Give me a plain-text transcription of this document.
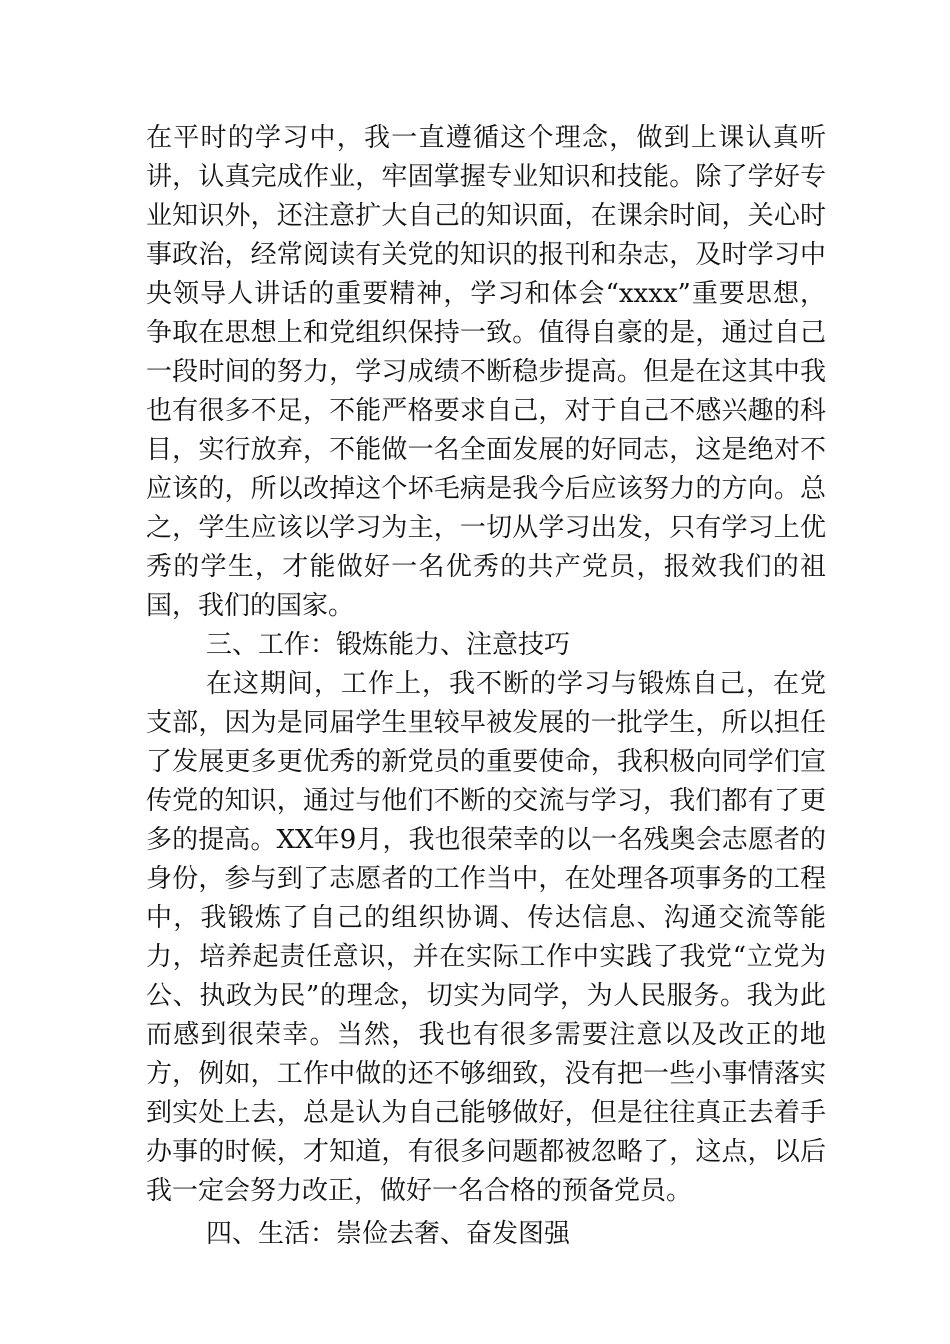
在平时的学习中，我一直遵循这个理念，做到上课认真听讲，认真完成作业，牢固掌握专业知识和技能。除了学好专业知识外，还注意扩大自己的知识面，在课余时间，关心时事政治，经常阅读有关党的知识的报刊和杂志，及时学习中央领导人讲话的重要精神，学习和体会“xxxx”重要思想，争取在思想上和党组织保持一致。值得自豪的是，通过自己一段时间的努力，学习成绩不断稳步提高。但是在这其中我也有很多不足，不能严格要求自己，对于自己不感兴趣的科目，实行放弃，不能做一名全面发展的好同志，这是绝对不应该的，所以改掉这个坏毛病是我今后应该努力的方向。总之，学生应该以学习为主，一切从学习出发，只有学习上优秀的学生，才能做好一名优秀的共产党员，报效我们的祖国，我们的国家。

三、工作：锻炼能力、注意技巧

在这期间，工作上，我不断的学习与锻炼自己，在党支部，因为是同届学生里较早被发展的一批学生，所以担任了发展更多更优秀的新党员的重要使命，我积极向同学们宣传党的知识，通过与他们不断的交流与学习，我们都有了更多的提高。XX年9月，我也很荣幸的以一名残奥会志愿者的身份，参与到了志愿者的工作当中，在处理各项事务的工程中，我锻炼了自己的组织协调、传达信息、沟通交流等能力，培养起责任意识，并在实际工作中实践了我党“立党为公、执政为民”的理念，切实为同学，为人民服务。我为此而感到很荣幸。当然，我也有很多需要注意以及改正的地方，例如，工作中做的还不够细致，没有把一些小事情落实到实处上去，总是认为自己能够做好，但是往往真正去着手办事的时候，才知道，有很多问题都被忽略了，这点，以后我一定会努力改正，做好一名合格的预备党员。

四、生活：崇俭去奢、奋发图强
